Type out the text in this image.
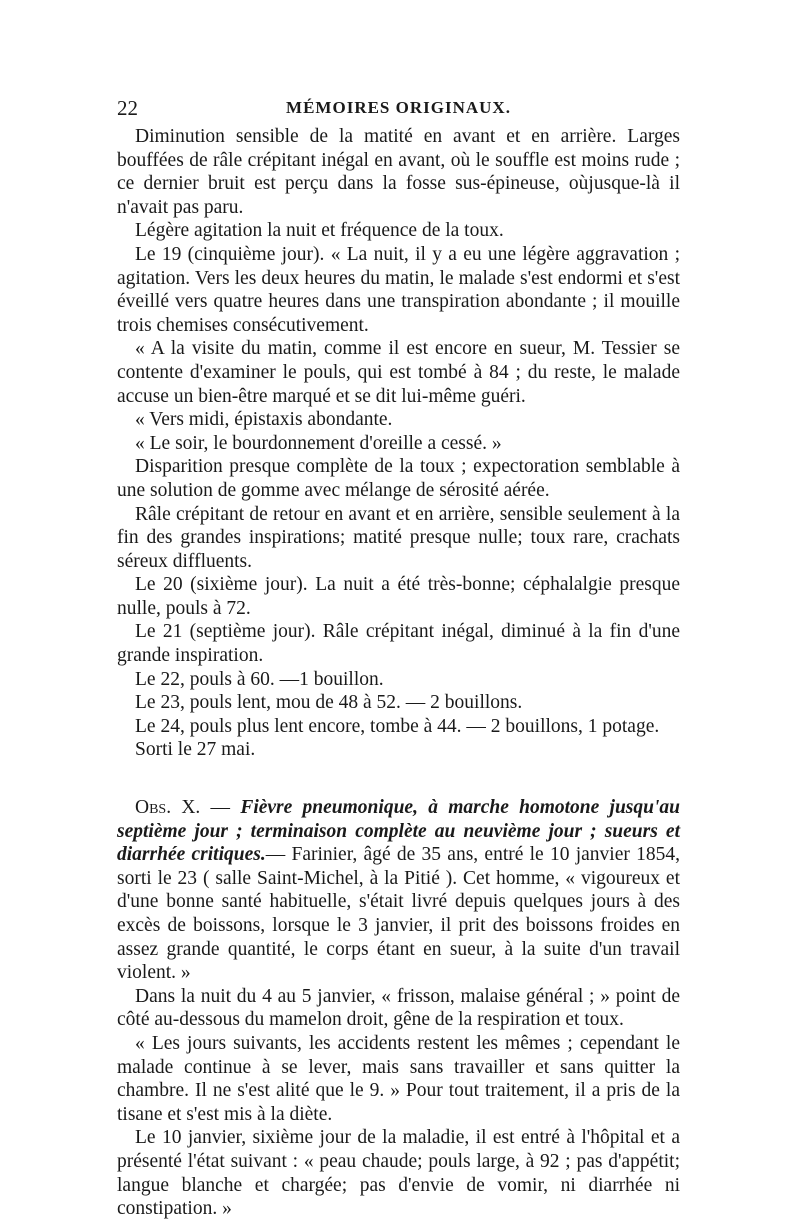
22	MÉMOIRES ORIGINAUX.

Diminution sensible de la matité en avant et en arrière. Larges bouffées de râle crépitant inégal en avant, où le souffle est moins rude ; ce dernier bruit est perçu dans la fosse sus-épineuse, oùjusque-là il n'avait pas paru.

Légère agitation la nuit et fréquence de la toux.

Le 19 (cinquième jour). « La nuit, il y a eu une légère aggravation ; agitation. Vers les deux heures du matin, le malade s'est endormi et s'est éveillé vers quatre heures dans une transpiration abondante ; il mouille trois chemises consécutivement.

« A la visite du matin, comme il est encore en sueur, M. Tessier se contente d'examiner le pouls, qui est tombé à 84 ; du reste, le malade accuse un bien-être marqué et se dit lui-même guéri.

« Vers midi, épistaxis abondante.

« Le soir, le bourdonnement d'oreille a cessé. »

Disparition presque complète de la toux ; expectoration semblable à une solution de gomme avec mélange de sérosité aérée.

Râle crépitant de retour en avant et en arrière, sensible seulement à la fin des grandes inspirations; matité presque nulle; toux rare, crachats séreux diffluents.

Le 20 (sixième jour). La nuit a été très-bonne; céphalalgie presque nulle, pouls à 72.

Le 21 (septième jour). Râle crépitant inégal, diminué à la fin d'une grande inspiration.

Le 22, pouls à 60. —1 bouillon.

Le 23, pouls lent, mou de 48 à 52. — 2 bouillons.

Le 24, pouls plus lent encore, tombe à 44. — 2 bouillons, 1 potage.

Sorti le 27 mai.

Obs. X. — Fièvre pneumonique, à marche homotone jusqu'au septième jour ; terminaison complète au neuvième jour ; sueurs et diarrhée critiques.— Farinier, âgé de 35 ans, entré le 10 janvier 1854, sorti le 23 ( salle Saint-Michel, à la Pitié ). Cet homme, « vigoureux et d'une bonne santé habituelle, s'était livré depuis quelques jours à des excès de boissons, lorsque le 3 janvier, il prit des boissons froides en assez grande quantité, le corps étant en sueur, à la suite d'un travail violent. »

Dans la nuit du 4 au 5 janvier, « frisson, malaise général ; » point de côté au-dessous du mamelon droit, gêne de la respiration et toux.

« Les jours suivants, les accidents restent les mêmes ; cependant le malade continue à se lever, mais sans travailler et sans quitter la chambre. Il ne s'est alité que le 9. » Pour tout traitement, il a pris de la tisane et s'est mis à la diète.

Le 10 janvier, sixième jour de la maladie, il est entré à l'hôpital et a présenté l'état suivant : « peau chaude; pouls large, à 92 ; pas d'appétit; langue blanche et chargée; pas d'envie de vomir, ni diarrhée ni constipation. »
